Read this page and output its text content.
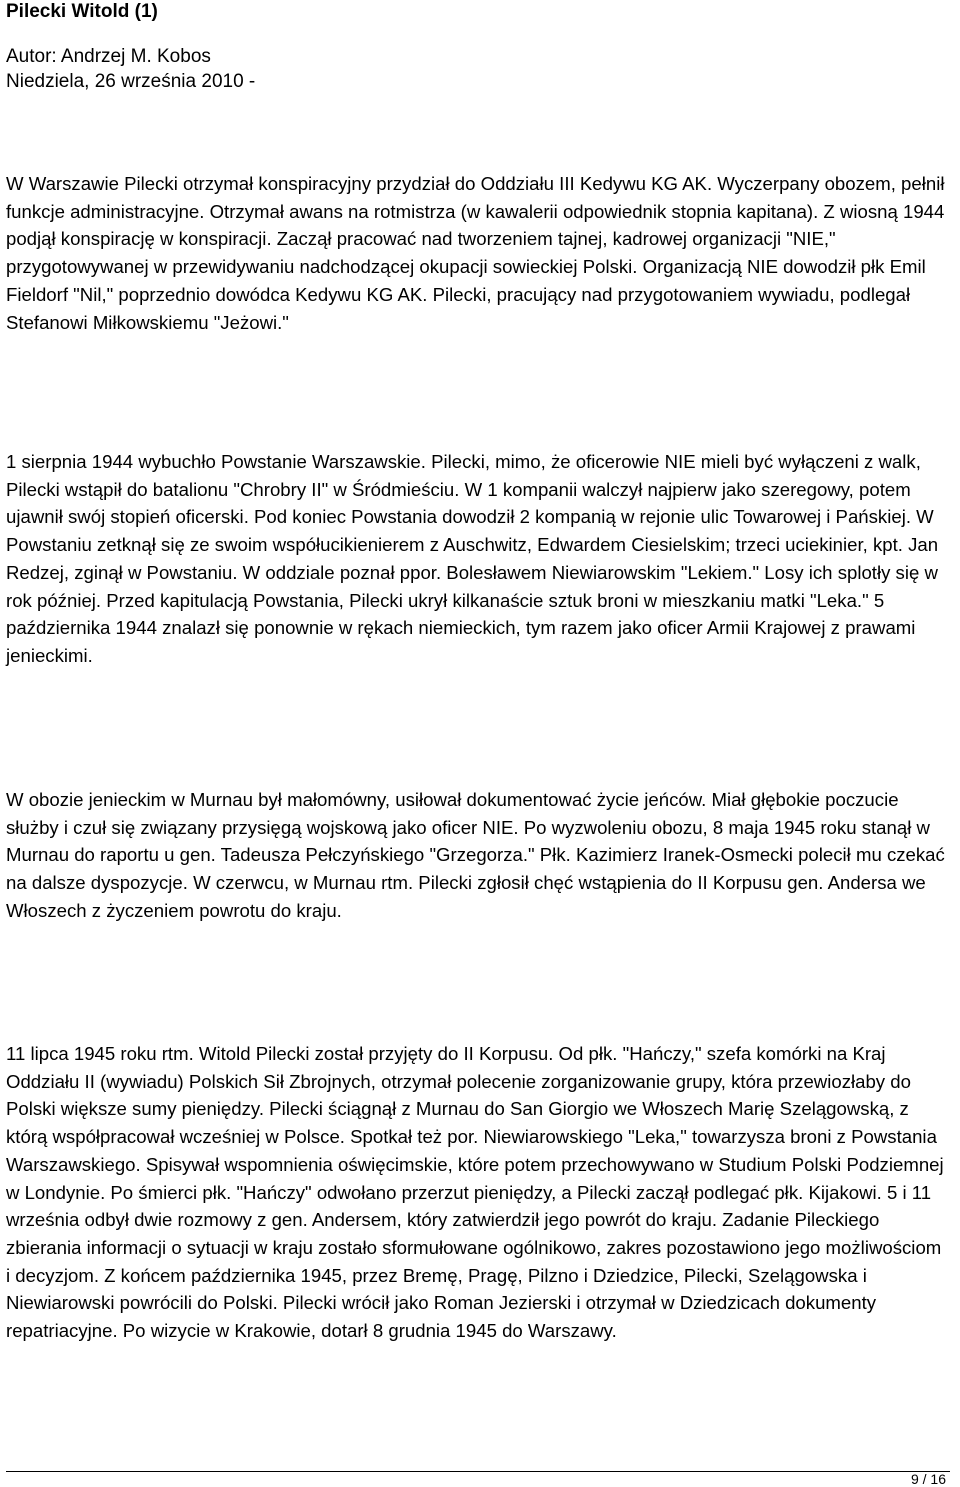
Pilecki Witold (1)
Autor: Andrzej M. Kobos
Niedziela, 26 września 2010 -

W Warszawie Pilecki otrzymał konspiracyjny przydział do Oddziału III Kedywu KG AK. Wyczerpany obozem, pełnił funkcje administracyjne. Otrzymał awans na rotmistrza (w kawalerii odpowiednik stopnia kapitana). Z wiosną 1944 podjął konspirację w konspiracji. Zaczął pracować nad tworzeniem tajnej, kadrowej organizacji "NIE," przygotowywanej w przewidywaniu nadchodzącej okupacji sowieckiej Polski. Organizacją NIE dowodził płk Emil Fieldorf "Nil," poprzednio dowódca Kedywu KG AK. Pilecki, pracujący nad przygotowaniem wywiadu, podlegał Stefanowi Miłkowskiemu "Jeżowi."

1 sierpnia 1944 wybuchło Powstanie Warszawskie. Pilecki, mimo, że oficerowie NIE mieli być wyłączeni z walk, Pilecki wstąpił do batalionu "Chrobry II" w Śródmieściu. W 1 kompanii walczył najpierw jako szeregowy, potem ujawnił swój stopień oficerski. Pod koniec Powstania dowodził 2 kompanią w rejonie ulic Towarowej i Pańskiej. W Powstaniu zetknął się ze swoim współucikienierem z Auschwitz, Edwardem Ciesielskim; trzeci uciekinier, kpt. Jan Redzej, zginął w Powstaniu. W oddziale poznał ppor. Bolesławem Niewiarowskim "Lekiem." Losy ich splotły się w rok później. Przed kapitulacją Powstania, Pilecki ukrył kilkanaście sztuk broni w mieszkaniu matki "Leka." 5 października 1944 znalazł się ponownie w rękach niemieckich, tym razem jako oficer Armii Krajowej z prawami jenieckimi.

W obozie jenieckim w Murnau był małomówny, usiłował dokumentować życie jeńców. Miał głębokie poczucie służby i czuł się związany przysięgą wojskową jako oficer NIE. Po wyzwoleniu obozu, 8 maja 1945 roku stanął w Murnau do raportu u gen. Tadeusza Pełczyńskiego "Grzegorza." Płk. Kazimierz Iranek-Osmecki polecił mu czekać na dalsze dyspozycje. W czerwcu, w Murnau rtm. Pilecki zgłosił chęć wstąpienia do II Korpusu gen. Andersa we Włoszech z życzeniem powrotu do kraju.

11 lipca 1945 roku rtm. Witold Pilecki został przyjęty do II Korpusu. Od płk. "Hańczy," szefa komórki na Kraj Oddziału II (wywiadu) Polskich Sił Zbrojnych, otrzymał polecenie zorganizowanie grupy, która przewiozłaby do Polski większe sumy pieniędzy. Pilecki ściągnął z Murnau do San Giorgio we Włoszech Marię Szelągowską, z którą współpracował wcześniej w Polsce. Spotkał też por. Niewiarowskiego "Leka," towarzysza broni z Powstania Warszawskiego. Spisywał wspomnienia oświęcimskie, które potem przechowywano w Studium Polski Podziemnej w Londynie. Po śmierci płk. "Hańczy" odwołano przerzut pieniędzy, a Pilecki zaczął podlegać płk. Kijakowi. 5 i 11 września odbył dwie rozmowy z gen. Andersem, który zatwierdził jego powrót do kraju. Zadanie Pileckiego zbierania informacji o sytuacji w kraju zostało sformułowane ogólnikowo, zakres pozostawiono jego możliwościom i decyzjom. Z końcem października 1945, przez Bremę, Pragę, Pilzno i Dziedzice, Pilecki, Szelągowska i Niewiarowski powrócili do Polski. Pilecki wrócił jako Roman Jezierski i otrzymał w Dziedzicach dokumenty repatriacyjne. Po wizycie w Krakowie, dotarł 8 grudnia 1945 do Warszawy.

9 / 16
